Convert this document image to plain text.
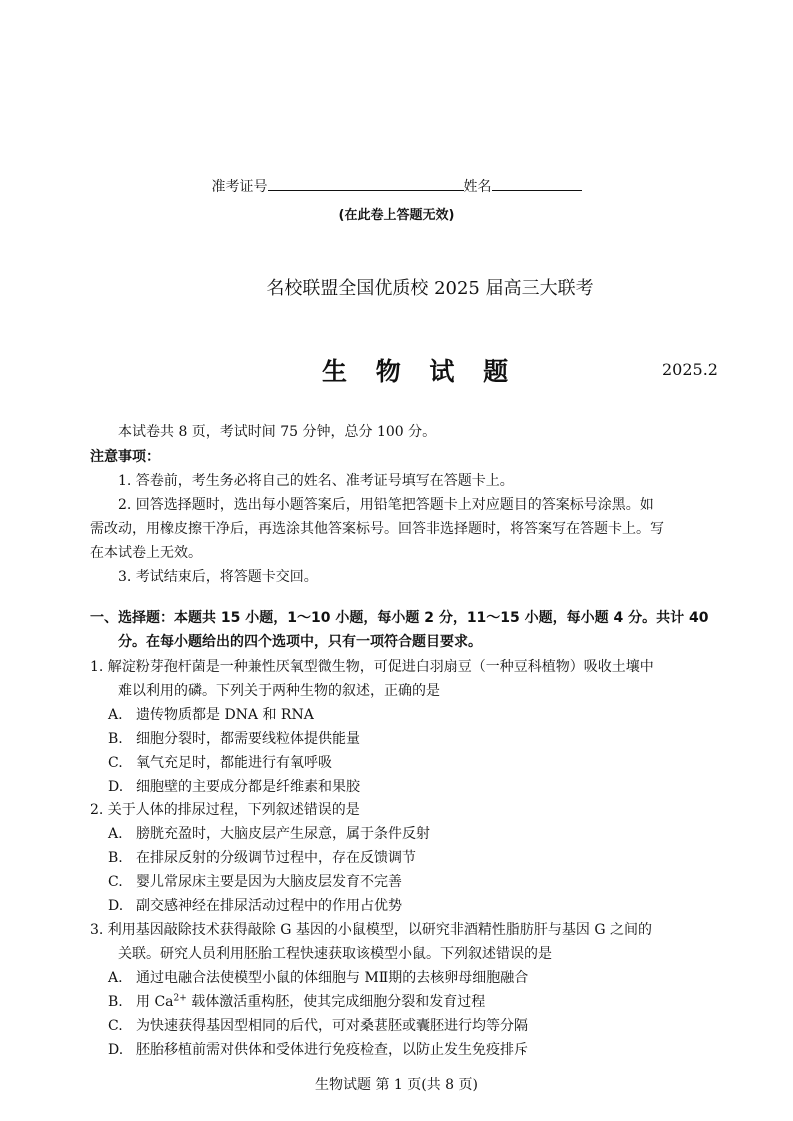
准考证号	姓名
(在此卷上答题无效)
名校联盟全国优质校 2025 届高三大联考
生 物 试 题	2025.2
本试卷共 8 页，考试时间 75 分钟，总分 100 分。
注意事项：
1. 答卷前，考生务必将自己的姓名、准考证号填写在答题卡上。
2. 回答选择题时，选出每小题答案后，用铅笔把答题卡上对应题目的答案标号涂黑。如
需改动，用橡皮擦干净后，再选涂其他答案标号。回答非选择题时，将答案写在答题卡上。写
在本试卷上无效。
3. 考试结束后，将答题卡交回。
一、选择题：本题共 15 小题，1～10 小题，每小题 2 分，11～15 小题，每小题 4 分。共计 40
分。在每小题给出的四个选项中，只有一项符合题目要求。
1. 解淀粉芽孢杆菌是一种兼性厌氧型微生物，可促进白羽扇豆（一种豆科植物）吸收土壤中
难以利用的磷。下列关于两种生物的叙述，正确的是
A. 遗传物质都是 DNA 和 RNA
B. 细胞分裂时，都需要线粒体提供能量
C. 氧气充足时，都能进行有氧呼吸
D. 细胞壁的主要成分都是纤维素和果胶
2. 关于人体的排尿过程，下列叙述错误的是
A. 膀胱充盈时，大脑皮层产生尿意，属于条件反射
B. 在排尿反射的分级调节过程中，存在反馈调节
C. 婴儿常尿床主要是因为大脑皮层发育不完善
D. 副交感神经在排尿活动过程中的作用占优势
3. 利用基因敲除技术获得敲除 G 基因的小鼠模型，以研究非酒精性脂肪肝与基因 G 之间的
关联。研究人员利用胚胎工程快速获取该模型小鼠。下列叙述错误的是
A. 通过电融合法使模型小鼠的体细胞与 MⅡ期的去核卵母细胞融合
B. 用 $Ca^{2+}$ 载体激活重构胚，使其完成细胞分裂和发育过程
C. 为快速获得基因型相同的后代，可对桑葚胚或囊胚进行均等分隔
D. 胚胎移植前需对供体和受体进行免疫检查，以防止发生免疫排斥
生物试题 第 1 页(共 8 页)
